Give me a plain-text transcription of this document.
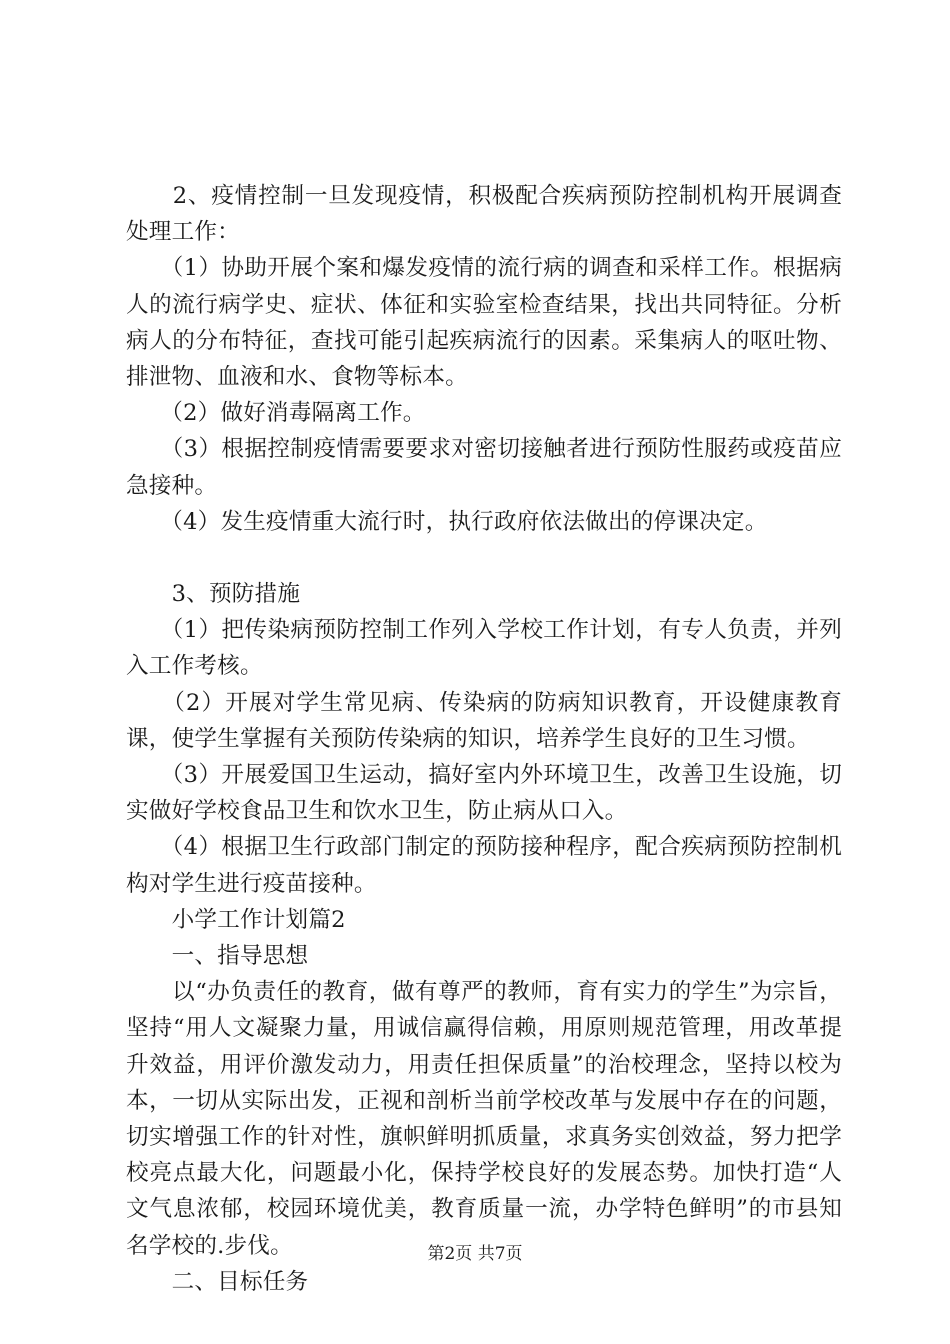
　　2、疫情控制一旦发现疫情，积极配合疾病预防控制机构开展调查处理工作：

　　（1）协助开展个案和爆发疫情的流行病的调查和采样工作。根据病人的流行病学史、症状、体征和实验室检查结果，找出共同特征。分析病人的分布特征，查找可能引起疾病流行的因素。采集病人的呕吐物、排泄物、血液和水、食物等标本。

　　（2）做好消毒隔离工作。

　　（3）根据控制疫情需要要求对密切接触者进行预防性服药或疫苗应急接种。

　　（4）发生疫情重大流行时，执行政府依法做出的停课决定。

　　3、预防措施

　　（1）把传染病预防控制工作列入学校工作计划，有专人负责，并列入工作考核。

　　（2）开展对学生常见病、传染病的防病知识教育，开设健康教育课，使学生掌握有关预防传染病的知识，培养学生良好的卫生习惯。

　　（3）开展爱国卫生运动，搞好室内外环境卫生，改善卫生设施，切实做好学校食品卫生和饮水卫生，防止病从口入。

　　（4）根据卫生行政部门制定的预防接种程序，配合疾病预防控制机构对学生进行疫苗接种。

　　小学工作计划篇2

　　一、指导思想

　　以“办负责任的教育，做有尊严的教师，育有实力的学生”为宗旨，坚持“用人文凝聚力量，用诚信赢得信赖，用原则规范管理，用改革提升效益，用评价激发动力，用责任担保质量”的治校理念，坚持以校为本，一切从实际出发，正视和剖析当前学校改革与发展中存在的问题，切实增强工作的针对性，旗帜鲜明抓质量，求真务实创效益，努力把学校亮点最大化，问题最小化，保持学校良好的发展态势。加快打造“人文气息浓郁，校园环境优美，教育质量一流，办学特色鲜明”的市县知名学校的.步伐。

　　二、目标任务

第2页 共7页
